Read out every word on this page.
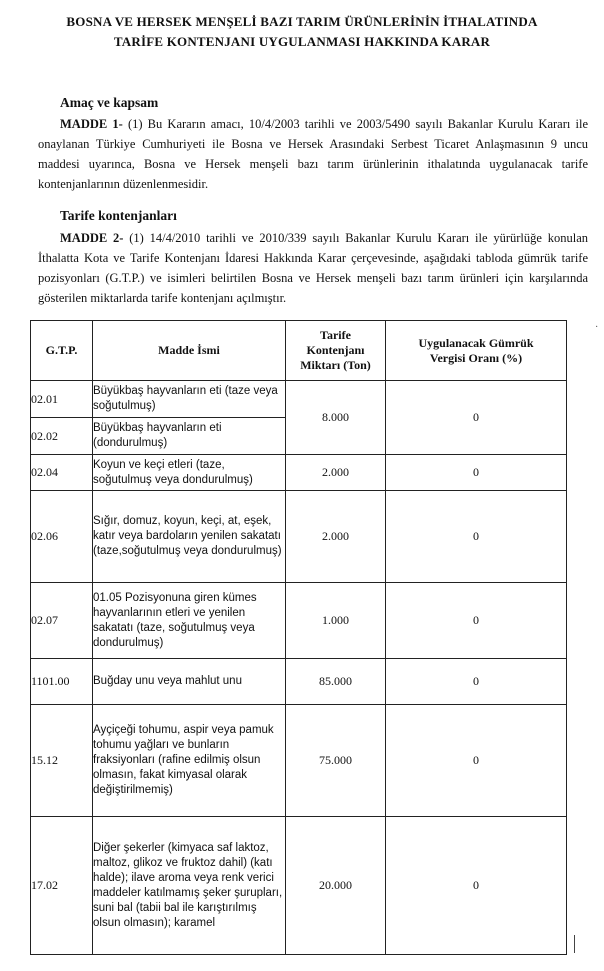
BOSNA VE HERSEK MENŞELİ BAZI TARIM ÜRÜNLERİNİN İTHALATINDA
TARİFE KONTENJANI UYGULANMASI HAKKINDA KARAR
Amaç ve kapsam
MADDE 1- (1) Bu Kararın amacı, 10/4/2003 tarihli ve 2003/5490 sayılı Bakanlar Kurulu Kararı ile onaylanan Türkiye Cumhuriyeti ile Bosna ve Hersek Arasındaki Serbest Ticaret Anlaşmasının 9 uncu maddesi uyarınca, Bosna ve Hersek menşeli bazı tarım ürünlerinin ithalatında uygulanacak tarife kontenjanlarının düzenlenmesidir.
Tarife kontenjanları
MADDE 2- (1) 14/4/2010 tarihli ve 2010/339 sayılı Bakanlar Kurulu Kararı ile yürürlüğe konulan İthalatta Kota ve Tarife Kontenjanı İdaresi Hakkında Karar çerçevesinde, aşağıdaki tabloda gümrük tarife pozisyonları (G.T.P.) ve isimleri belirtilen Bosna ve Hersek menşeli bazı tarım ürünleri için karşılarında gösterilen miktarlarda tarife kontenjanı açılmıştır.
·
G.T.P.	Madde İsmi	Tarife Kontenjanı Miktarı (Ton)	Uygulanacak Gümrük Vergisi Oranı (%)
02.01	Büyükbaş hayvanların eti (taze veya soğutulmuş)	8.000	0
02.02	Büyükbaş hayvanların eti (dondurulmuş)		
02.04	Koyun ve keçi etleri (taze, soğutulmuş veya dondurulmuş)	2.000	0
02.06	Sığır, domuz, koyun, keçi, at, eşek, katır veya bardoların yenilen sakatatı (taze,soğutulmuş veya dondurulmuş)	2.000	0
02.07	01.05 Pozisyonuna giren kümes hayvanlarının etleri ve yenilen sakatatı (taze, soğutulmuş veya dondurulmuş)	1.000	0
1101.00	Buğday unu veya mahlut unu	85.000	0
15.12	Ayçiçeği tohumu, aspir veya pamuk tohumu yağları ve bunların fraksiyonları (rafine edilmiş olsun olmasın, fakat kimyasal olarak değiştirilmemiş)	75.000	0
17.02	Diğer şekerler (kimyaca saf laktoz, maltoz, glikoz ve fruktoz dahil) (katı halde); ilave aroma veya renk verici maddeler katılmamış şeker şurupları, suni bal (tabii bal ile karıştırılmış olsun olmasın); karamel	20.000	0
